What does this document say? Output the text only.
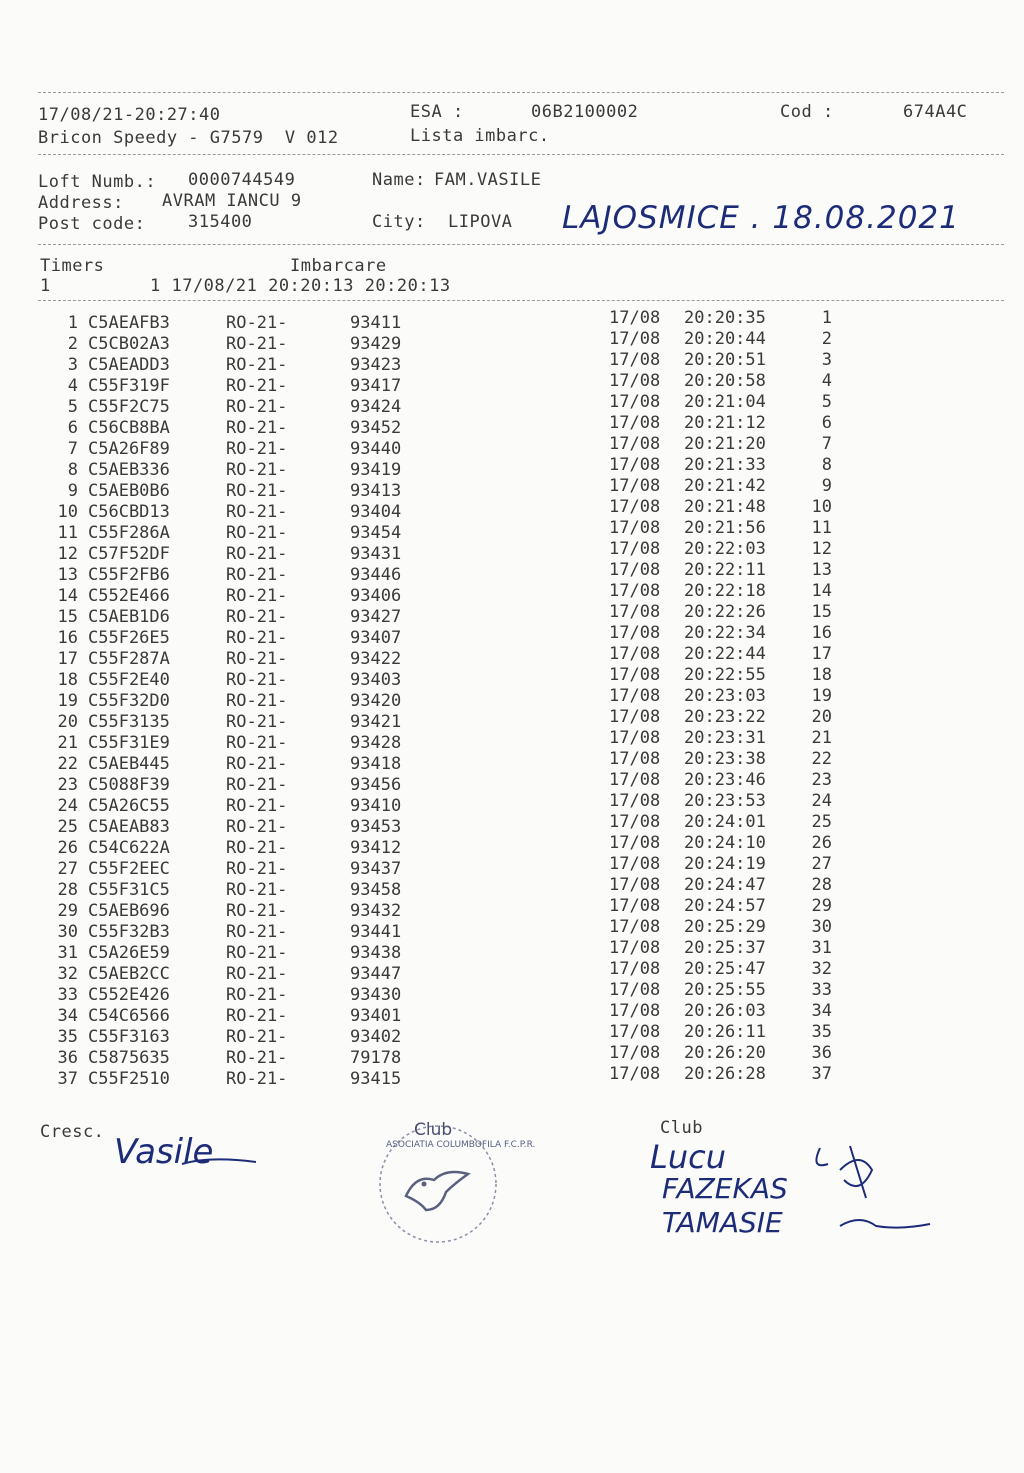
17/08/21-20:27:40	ESA :	06B2100002	Cod :	674A4C
Bricon Speedy - G7579  V 012	Lista imbarc.
Loft Numb.: 0000744549	Name: FAM.VASILE
Address: AVRAM IANCU 9
Post code:	315400	City: LIPOVA LAJOSMICE . 18.08.2021
Timers	Imbarcare
1	1 17/08/21 20:20:13 20:20:13
1 C5AEAFB3	RO-21-	93411	17/08 20:20:35	1
2 C5CB02A3	RO-21-	93429	17/08 20:20:44	2
3 C5AEADD3	RO-21-	93423	17/08 20:20:51	3
4 C55F319F	RO-21-	93417	17/08 20:20:58	4
5 C55F2C75	RO-21-	93424	17/08 20:21:04	5
6 C56CB8BA	RO-21-	93452	17/08 20:21:12	6
7 C5A26F89	RO-21-	93440	17/08 20:21:20	7
8 C5AEB336	RO-21-	93419	17/08 20:21:33	8
9 C5AEB0B6	RO-21-	93413	17/08 20:21:42	9
10 C56CBD13	RO-21-	93404	17/08 20:21:48	10
11 C55F286A	RO-21-	93454	17/08 20:21:56	11
12 C57F52DF	RO-21-	93431	17/08 20:22:03	12
13 C55F2FB6	RO-21-	93446	17/08 20:22:11	13
14 C552E466	RO-21-	93406	17/08 20:22:18	14
15 C5AEB1D6	RO-21-	93427	17/08 20:22:26	15
16 C55F26E5	RO-21-	93407	17/08 20:22:34	16
17 C55F287A	RO-21-	93422	17/08 20:22:44	17
18 C55F2E40	RO-21-	93403	17/08 20:22:55	18
19 C55F32D0	RO-21-	93420	17/08 20:23:03	19
20 C55F3135	RO-21-	93421	17/08 20:23:22	20
21 C55F31E9	RO-21-	93428	17/08 20:23:31	21
22 C5AEB445	RO-21-	93418	17/08 20:23:38	22
23 C5088F39	RO-21-	93456	17/08 20:23:46	23
24 C5A26C55	RO-21-	93410	17/08 20:23:53	24
25 C5AEAB83	RO-21-	93453	17/08 20:24:01	25
26 C54C622A	RO-21-	93412	17/08 20:24:10	26
27 C55F2EEC	RO-21-	93437	17/08 20:24:19	27
28 C55F31C5	RO-21-	93458	17/08 20:24:47	28
29 C5AEB696	RO-21-	93432	17/08 20:24:57	29
30 C55F32B3	RO-21-	93441	17/08 20:25:29	30
31 C5A26E59	RO-21-	93438	17/08 20:25:37	31
32 C5AEB2CC	RO-21-	93447	17/08 20:25:47	32
33 C552E426	RO-21-	93430	17/08 20:25:55	33
34 C54C6566	RO-21-	93401	17/08 20:26:03	34
35 C55F3163	RO-21-	93402	17/08 20:26:11	35
36 C5875635	RO-21-	79178	17/08 20:26:20	36
37 C55F2510	RO-21-	93415	17/08 20:26:28	37
Cresc. Vasile
Club
ASOCIATIA COLUMBOFILA F.C.P.R.
Club
Lucu
FAZEKAS
TAMASIE
